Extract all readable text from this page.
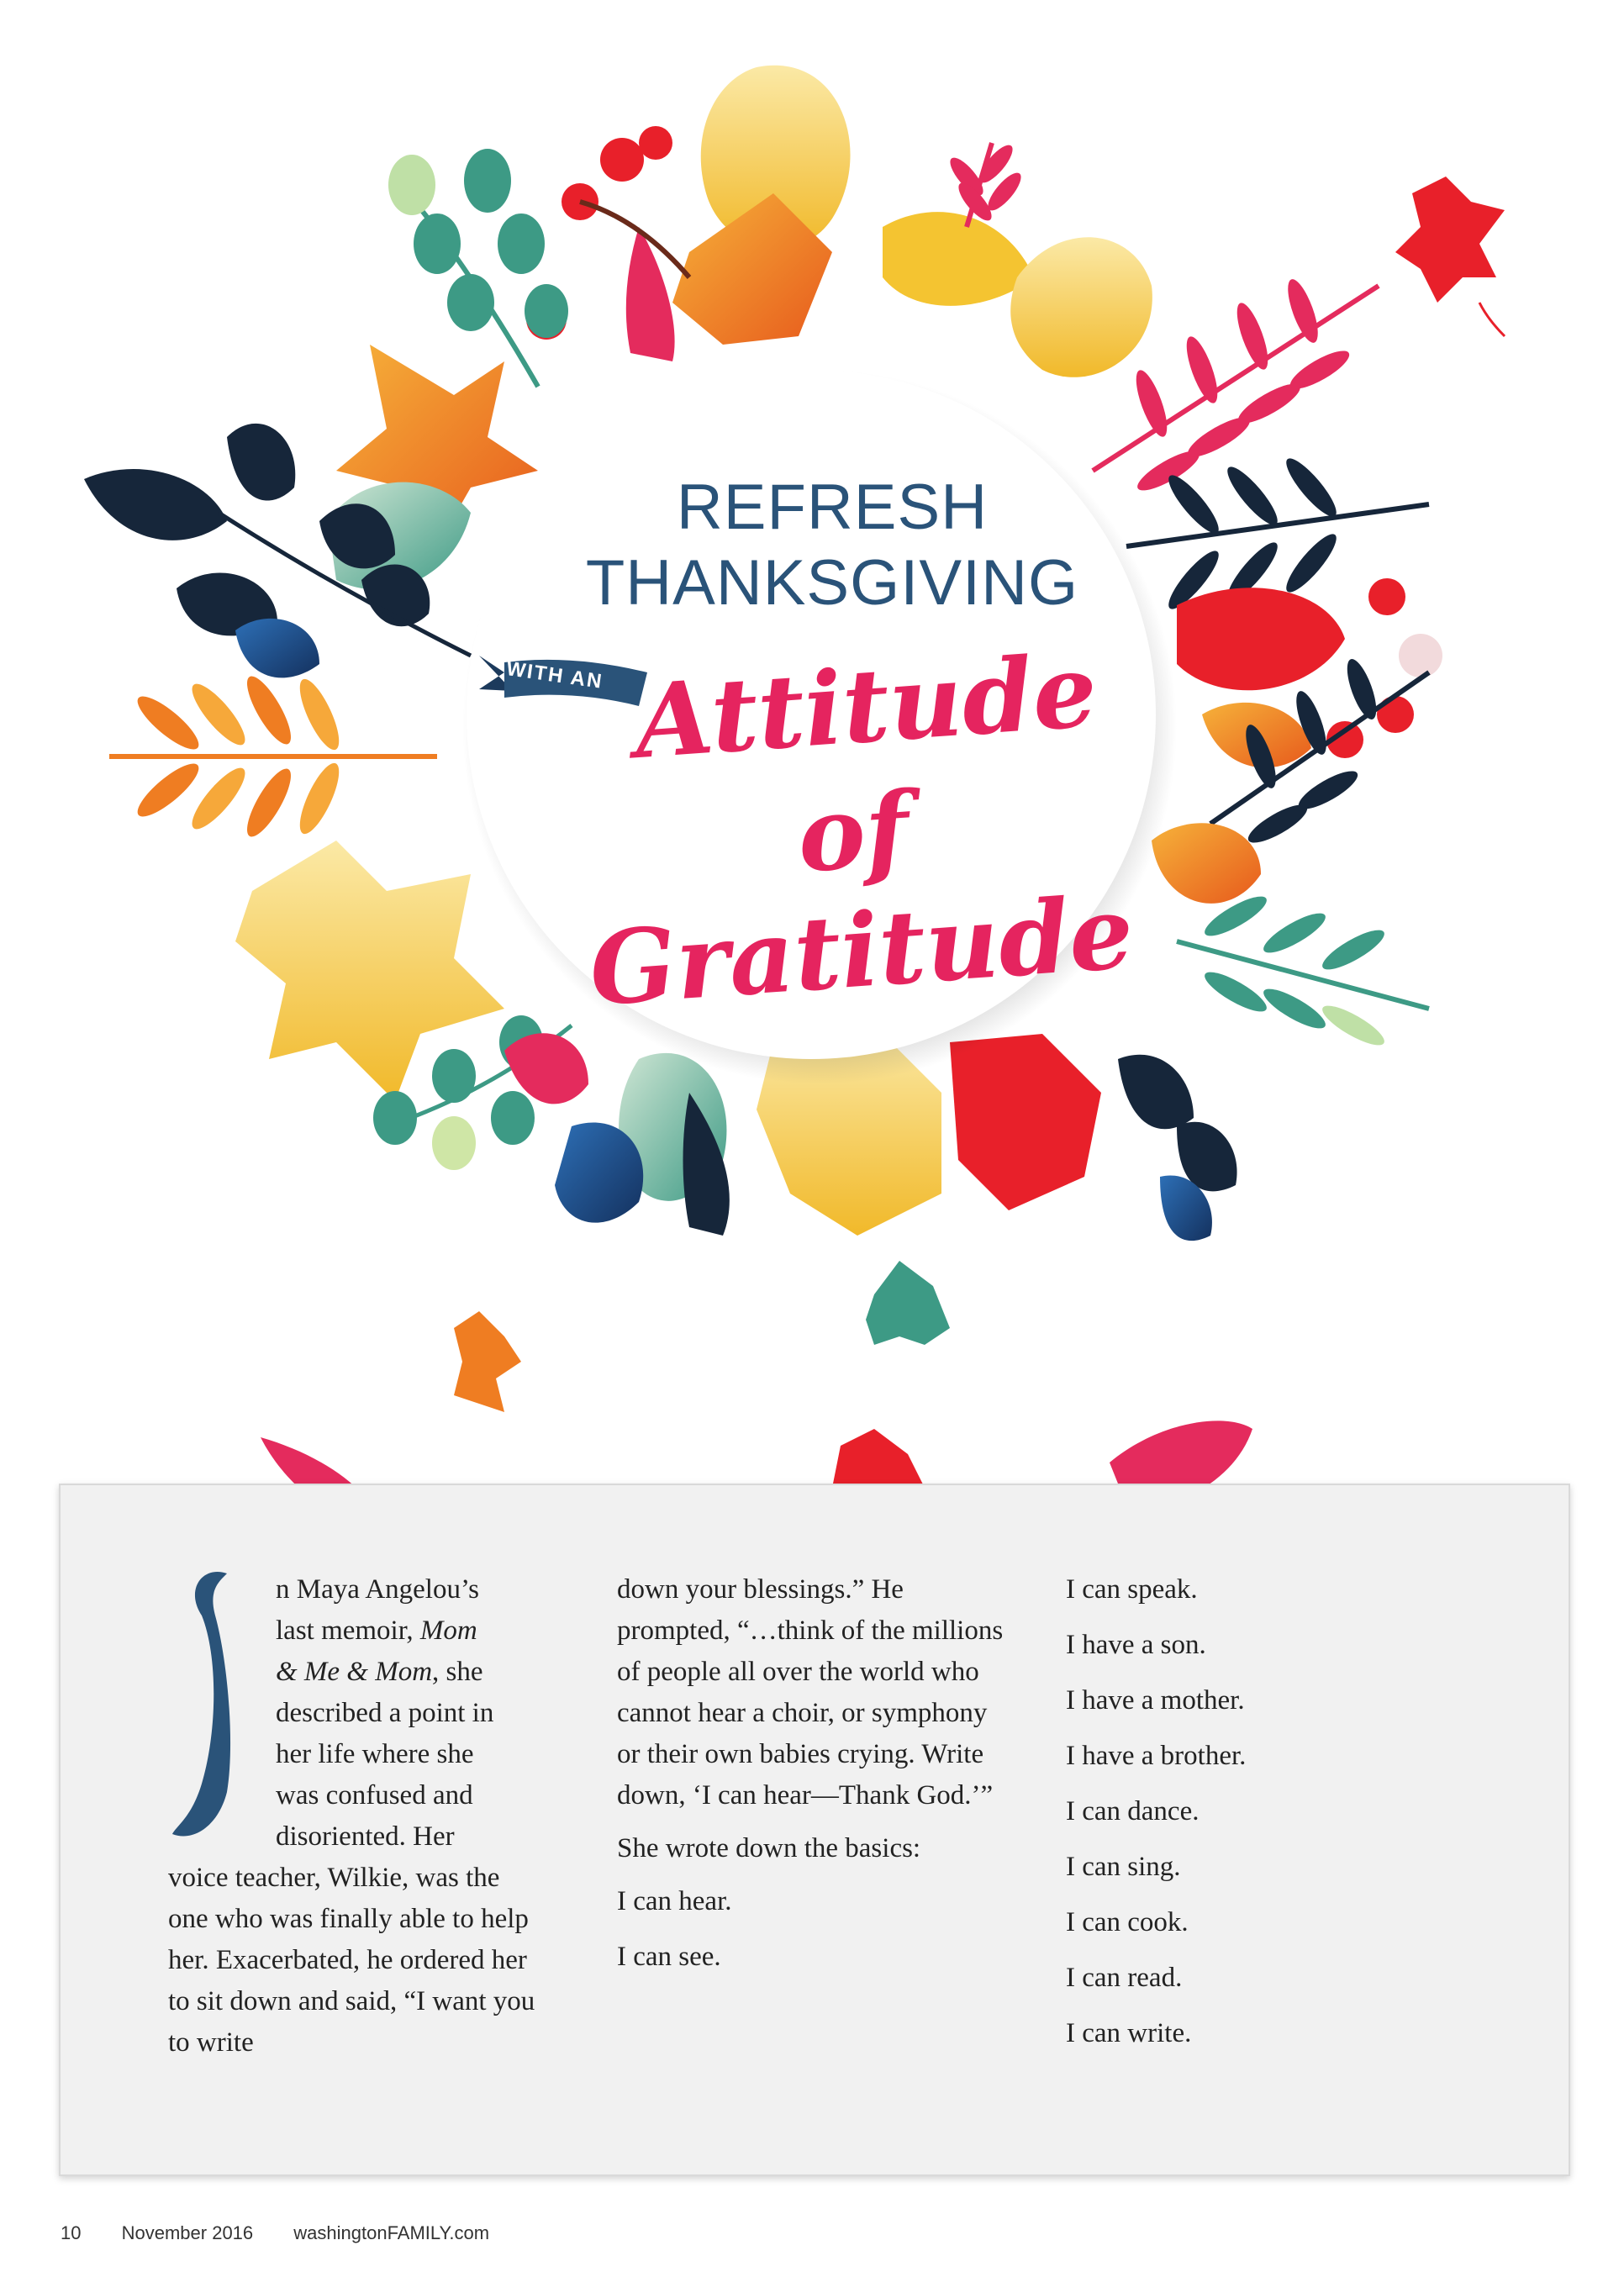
REFRESH
THANKSGIVING
WITH AN Attitude
of Gratitude
I
n Maya Angelou’s
last memoir, Mom
& Me & Mom, she
described a point in
her life where she
was confused and
disoriented. Her

voice teacher, Wilkie, was the one who was finally able to help her. Exacerbated, he ordered her to sit down and said, “I want you to write

down your blessings.” He prompted, “…think of the millions of people all over the world who cannot hear a choir, or symphony or their own babies crying. Write down, ‘I can hear—Thank God.’”

She wrote down the basics:

I can hear.
I can see.
I can speak.
I have a son.
I have a mother.
I have a brother.
I can dance.
I can sing.
I can cook.
I can read.
I can write.
10 November 2016 washingtonFAMILY.com
